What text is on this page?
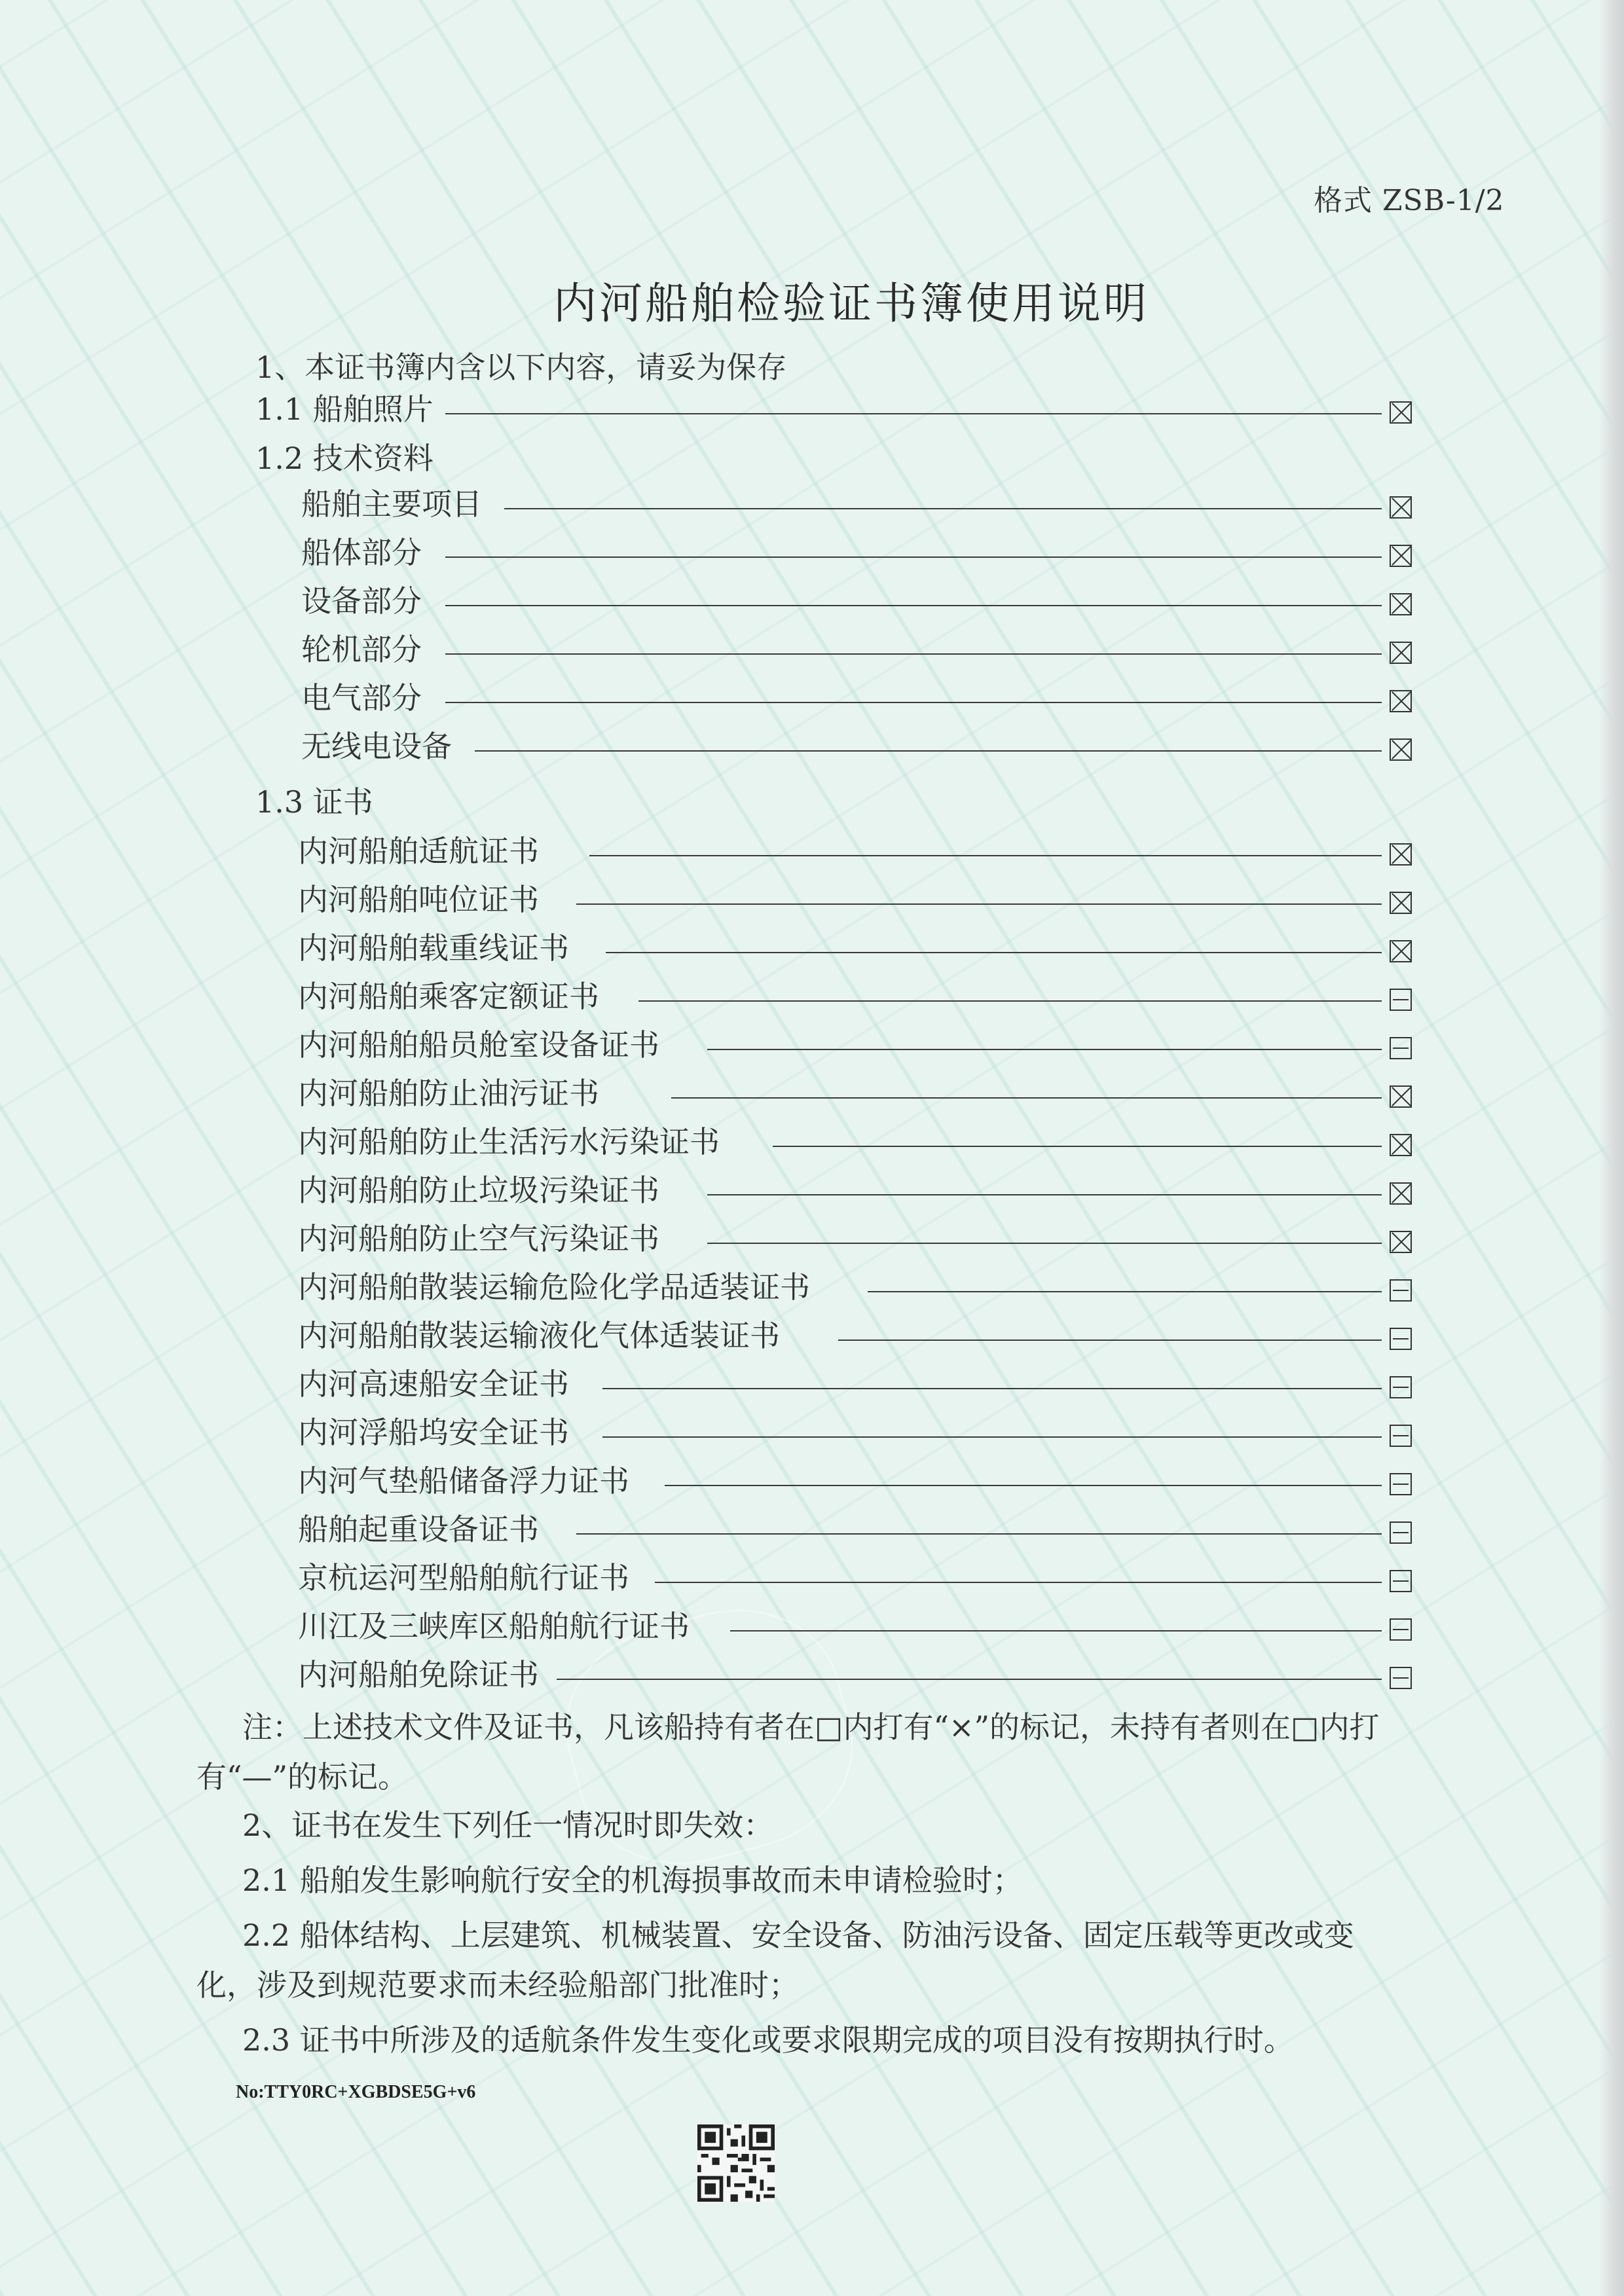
格式 ZSB-1/2
内河船舶检验证书簿使用说明
1、本证书簿内含以下内容，请妥为保存
1.1 船舶照片
1.2 技术资料
船舶主要项目
船体部分
设备部分
轮机部分
电气部分
无线电设备
1.3 证书
内河船舶适航证书
内河船舶吨位证书
内河船舶载重线证书
内河船舶乘客定额证书
内河船舶船员舱室设备证书
内河船舶防止油污证书
内河船舶防止生活污水污染证书
内河船舶防止垃圾污染证书
内河船舶防止空气污染证书
内河船舶散装运输危险化学品适装证书
内河船舶散装运输液化气体适装证书
内河高速船安全证书
内河浮船坞安全证书
内河气垫船储备浮力证书
船舶起重设备证书
京杭运河型船舶航行证书
川江及三峡库区船舶航行证书
内河船舶免除证书

注：上述技术文件及证书，凡该船持有者在□内打有“×”的标记，未持有者则在□内打有“—”的标记。

2、证书在发生下列任一情况时即失效：

2.1 船舶发生影响航行安全的机海损事故而未申请检验时；

2.2 船体结构、上层建筑、机械装置、安全设备、防油污设备、固定压载等更改或变化，涉及到规范要求而未经验船部门批准时；

2.3 证书中所涉及的适航条件发生变化或要求限期完成的项目没有按期执行时。

No:TTY0RC+XGBDSE5G+v6
